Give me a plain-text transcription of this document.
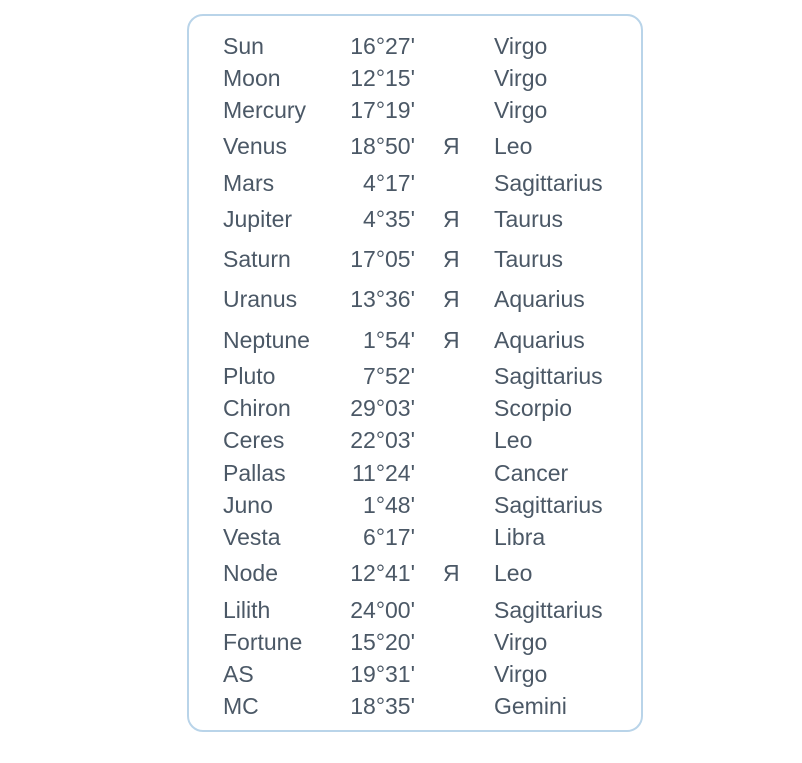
Sun	16°27'	Virgo
Moon	12°15'	Virgo
Mercury 17°19'	Virgo
Venus	18°50' Я Leo
Mars	4°17'	Sagittarius
Jupiter	4°35' Я Taurus
Saturn	17°05' Я Taurus
Uranus 13°36' Я Aquarius
Neptune 1°54' Я Aquarius
Pluto	7°52'	Sagittarius
Chiron	29°03'	Scorpio
Ceres	22°03'	Leo
Pallas	11°24'	Cancer
Juno	1°48'	Sagittarius
Vesta	6°17'	Libra
Node	12°41' Я Leo
Lilith	24°00'	Sagittarius
Fortune 15°20'	Virgo
AS	19°31'	Virgo
MC	18°35'	Gemini
